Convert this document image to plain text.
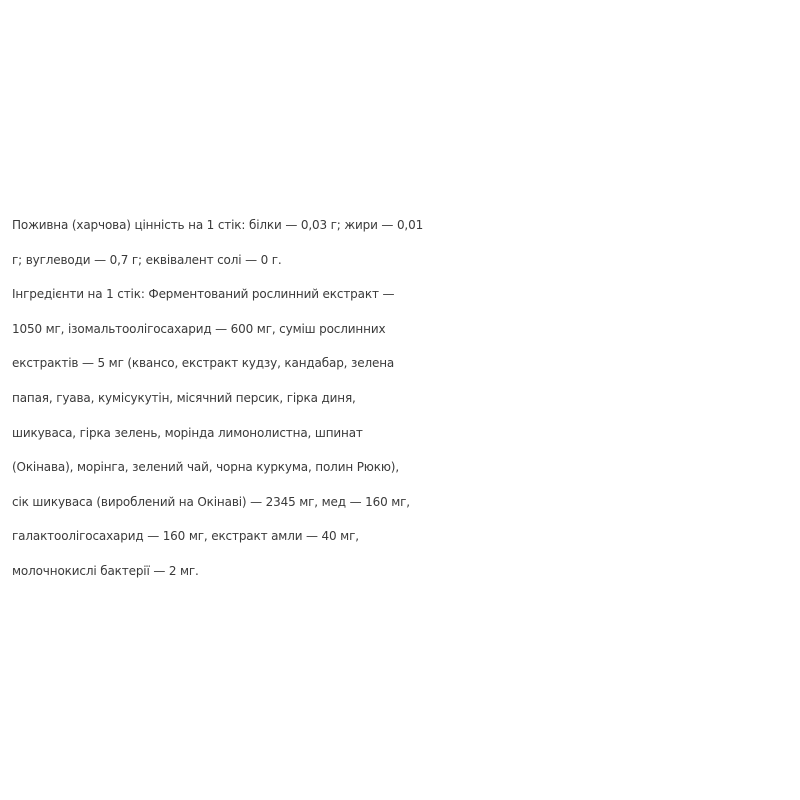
Поживна (харчова) цінність на 1 стік: білки — 0,03 г; жири — 0,01
г; вуглеводи — 0,7 г; еквівалент солі — 0 г.
Інгредієнти на 1 стік: Ферментований рослинний екстракт —
1050 мг, ізомальтоолігосахарид — 600 мг, суміш рослинних
екстрактів — 5 мг (квансо, екстракт кудзу, кандабар, зелена
папая, гуава, кумісукутін, місячний персик, гірка диня,
шикуваса, гірка зелень, моріндa лимонолистна, шпинат
(Окінава), морінга, зелений чай, чорна куркума, полин Рюкю),
сік шикуваса (вироблений на Окінаві) — 2345 мг, мед — 160 мг,
галактоолігосахарид — 160 мг, екстракт амли — 40 мг,
молочнокислі бактерії — 2 мг.
